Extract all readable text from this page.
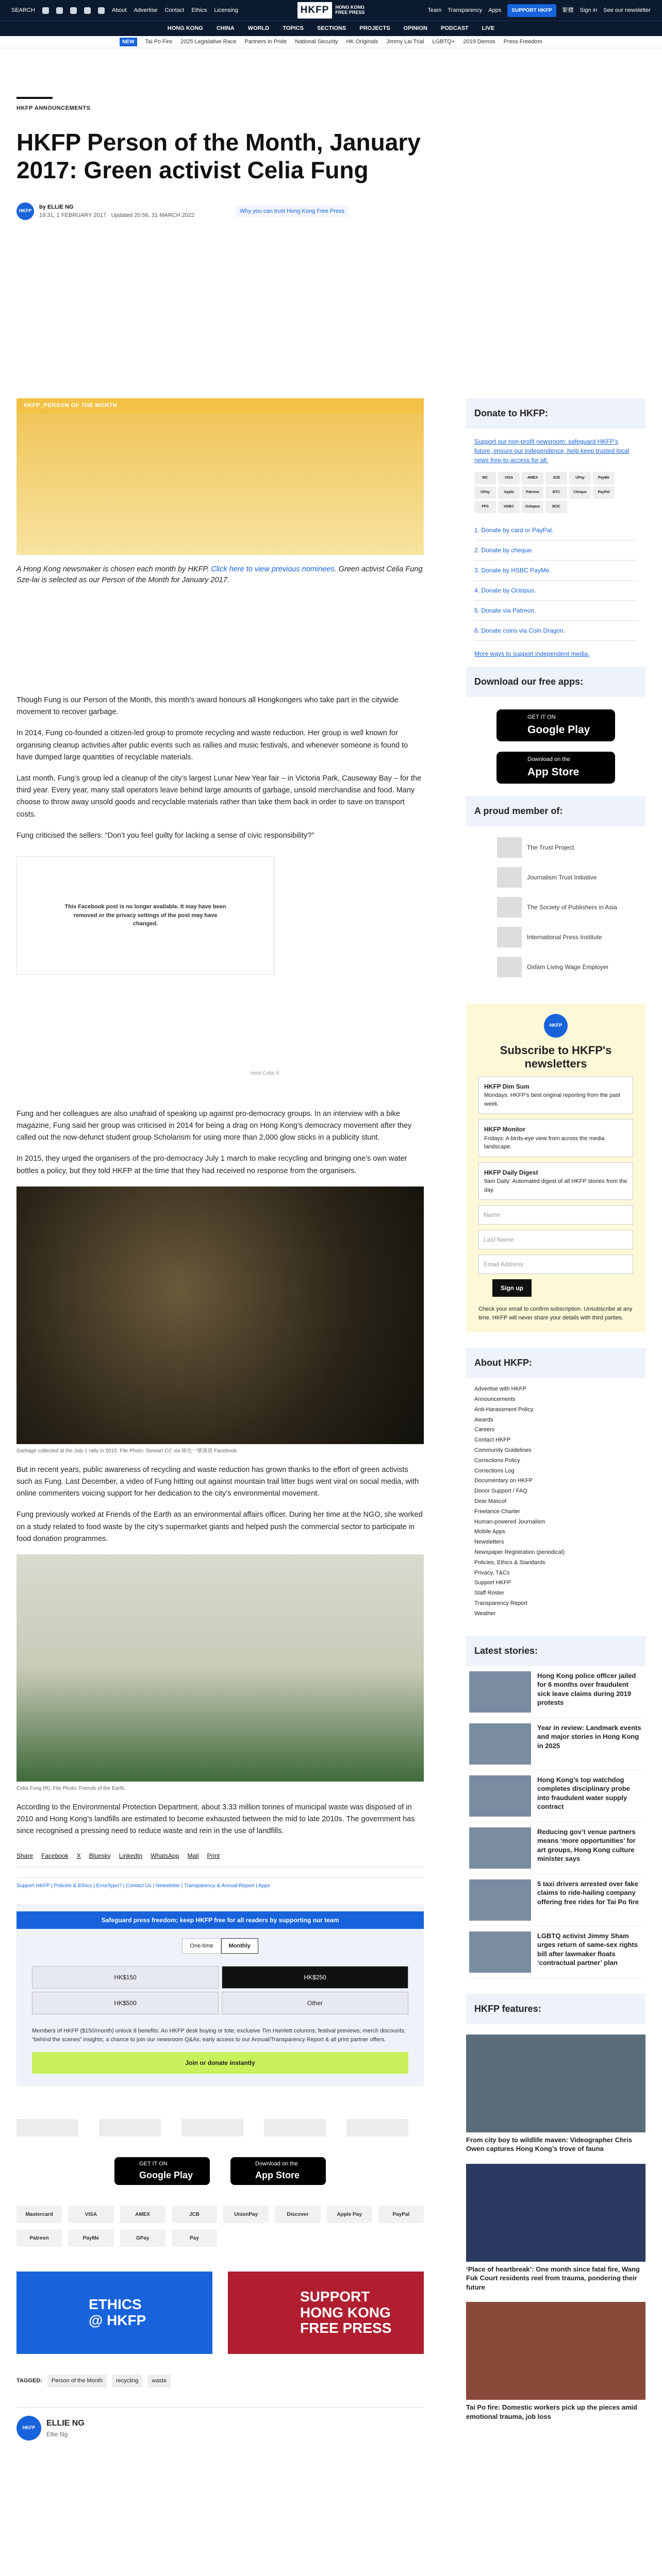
SEARCH	About Advertise Contact Ethics Licensing	HKFP	HONG KONG
FREE PRESS	Team Transparency Apps	SUPPORT HKFP	繁體 Sign in See our newsletter
HONG KONG CHINA WORLD TOPICS SECTIONS PROJECTS OPINION PODCAST LIVE
NEW	Tai Po Fire 2025 Legislative Race Partners in Pride National Security HK Originals Jimmy Lai Trial LGBTQ+ 2019 Demos Press Freedom
HKFP ANNOUNCEMENTS
HKFP Person of the Month, January 2017: Green activist Celia Fung
HKFP
by ELLIE NG
19:31, 1 FEBRUARY 2017 · Updated 20:56, 31 MARCH 2022
Why you can trust Hong Kong Free Press
HKFP_PERSON OF THE MONTH

A Hong Kong newsmaker is chosen each month by HKFP. Click here to view previous nominees. Green activist Celia Fung Sze-lai is selected as our Person of the Month for January 2017.

Though Fung is our Person of the Month, this month’s award honours all Hongkongers who take part in the citywide movement to recover garbage.

In 2014, Fung co-founded a citizen-led group to promote recycling and waste reduction. Her group is well known for organising cleanup activities after public events such as rallies and music festivals, and whenever someone is found to have dumped large quantities of recyclable materials.

Last month, Fung’s group led a cleanup of the city’s largest Lunar New Year fair – in Victoria Park, Causeway Bay – for the third year. Every year, many stall operators leave behind large amounts of garbage, unsold merchandise and food. Many choose to throw away unsold goods and recyclable materials rather than take them back in order to save on transport costs.

Fung criticised the sellers: “Don’t you feel guilty for lacking a sense of civic responsibility?”

This Facebook post is no longer available. It may have been removed or the privacy settings of the post may have changed.
Held Celia ®

Fung and her colleagues are also unafraid of speaking up against pro-democracy groups. In an interview with a bike magazine, Fung said her group was criticised in 2014 for being a drag on Hong Kong’s democracy movement after they called out the now-defunct student group Scholarism for using more than 2,000 glow sticks in a publicity stunt.

In 2015, they urged the organisers of the pro-democracy July 1 march to make recycling and bringing one’s own water bottles a policy, but they told HKFP at the time that they had received no response from the organisers.

Garbage collected at the July 1 rally in 2015. File Photo: Stewart CC via 綠色一號通道 Facebook.

But in recent years, public awareness of recycling and waste reduction has grown thanks to the effort of green activists such as Fung. Last December, a video of Fung hitting out against mountain trail litter bugs went viral on social media, with online commenters voicing support for her dedication to the city’s environmental movement.

Fung previously worked at Friends of the Earth as an environmental affairs officer. During her time at the NGO, she worked on a study related to food waste by the city’s supermarket giants and helped push the commercial sector to participate in food donation programmes.

Celia Fung (R). File Photo: Friends of the Earth.

According to the Environmental Protection Department, about 3.33 million tonnes of municipal waste was disposed of in 2010 and Hong Kong’s landfills are estimated to become exhausted between the mid to late 2010s. The government has since recognised a pressing need to reduce waste and rein in the use of landfills.

Share Facebook X Bluesky LinkedIn WhatsApp Mail Print
Support HKFP | Policies & Ethics | Error/typo? | Contact Us | Newsletter | Transparency & Annual Report | Apps
Safeguard press freedom; keep HKFP free for all readers by supporting our team
One-time	Monthly
HK$150	HK$250
HK$500	Other

Members of HKFP ($150/month) unlock 8 benefits: An HKFP desk buying or tote; exclusive Tim Hamlett columns; festival previews; merch discounts; “behind the scenes” insights; a chance to join our newsroom Q&As; early access to our Annual/Transparency Report & all print partner offers.

Join or donate instantly
GET IT ON
Google Play
Download on the
App Store
Mastercard	VISA	AMEX	JCB	UnionPay	Discover	Apple Pay	PayPal
Patreon	PayMe	GPay	Pay
ETHICS
@ HKFP
SUPPORT
HONG KONG
FREE PRESS
TAGGED:	Person of the Month	recycling	waste
HKFP
ELLIE NG
Ellie Ng
Donate to HKFP:

Support our non-profit newsroom: safeguard HKFP's future, ensure our independence, help keep trusted local news free-to-access for all.

MC	VISA	AMEX	JCB	UPay	PayMe
GPay	Apple	Patreon	BTC	Cheque	PayPal
FPS	HSBC	Octopus	BOC
1. Donate by card or PayPal.
2. Donate by cheque.
3. Donate by HSBC PayMe.
4. Donate by Octopus.
5. Donate via Patreon.
6. Donate coins via Coin Dragon.

More ways to support independent media.

Download our free apps:
GET IT ON
Google Play
Download on the
App Store
A proud member of:
The Trust Project
Journalism Trust Initiative
The Society of Publishers in Asia
International Press Institute
Oxfam Living Wage Employer
HKFP
Subscribe to HKFP's newsletters
HKFP Dim Sum
Mondays: HKFP's best original reporting from the past week.
HKFP Monitor
Fridays: A birds-eye view from across the media landscape.
HKFP Daily Digest
9am Daily: Automated digest of all HKFP stories from the day.
Name
Last Name
Email Address
Sign up

Check your email to confirm subscription. Unsubscribe at any time. HKFP will never share your details with third parties.

About HKFP:
Advertise with HKFP
Announcements
Anti-Harassment Policy
Awards
Careers
Contact HKFP
Community Guidelines
Corrections Policy
Corrections Log
Documentary on HKFP
Donor Support / FAQ
Dear Mascot
Freelance Charter
Human-powered Journalism
Mobile Apps
Newsletters
Newspaper Registration (periodical)
Policies, Ethics & Standards
Privacy, T&Cs
Support HKFP
Staff Roster
Transparency Report
Weather
Latest stories:
Hong Kong police officer jailed for 6 months over fraudulent sick leave claims during 2019 protests
Year in review: Landmark events and major stories in Hong Kong in 2025
Hong Kong’s top watchdog completes disciplinary probe into fraudulent water supply contract
Reducing gov’t venue partners means ‘more opportunities’ for art groups, Hong Kong culture minister says
5 taxi drivers arrested over fake claims to ride-hailing company offering free rides for Tai Po fire
LGBTQ activist Jimmy Sham urges return of same-sex rights bill after lawmaker floats ‘contractual partner’ plan
HKFP features:
From city boy to wildlife maven: Videographer Chris Owen captures Hong Kong’s trove of fauna
‘Place of heartbreak’: One month since fatal fire, Wang Fuk Court residents reel from trauma, pondering their future
Tai Po fire: Domestic workers pick up the pieces amid emotional trauma, job loss
